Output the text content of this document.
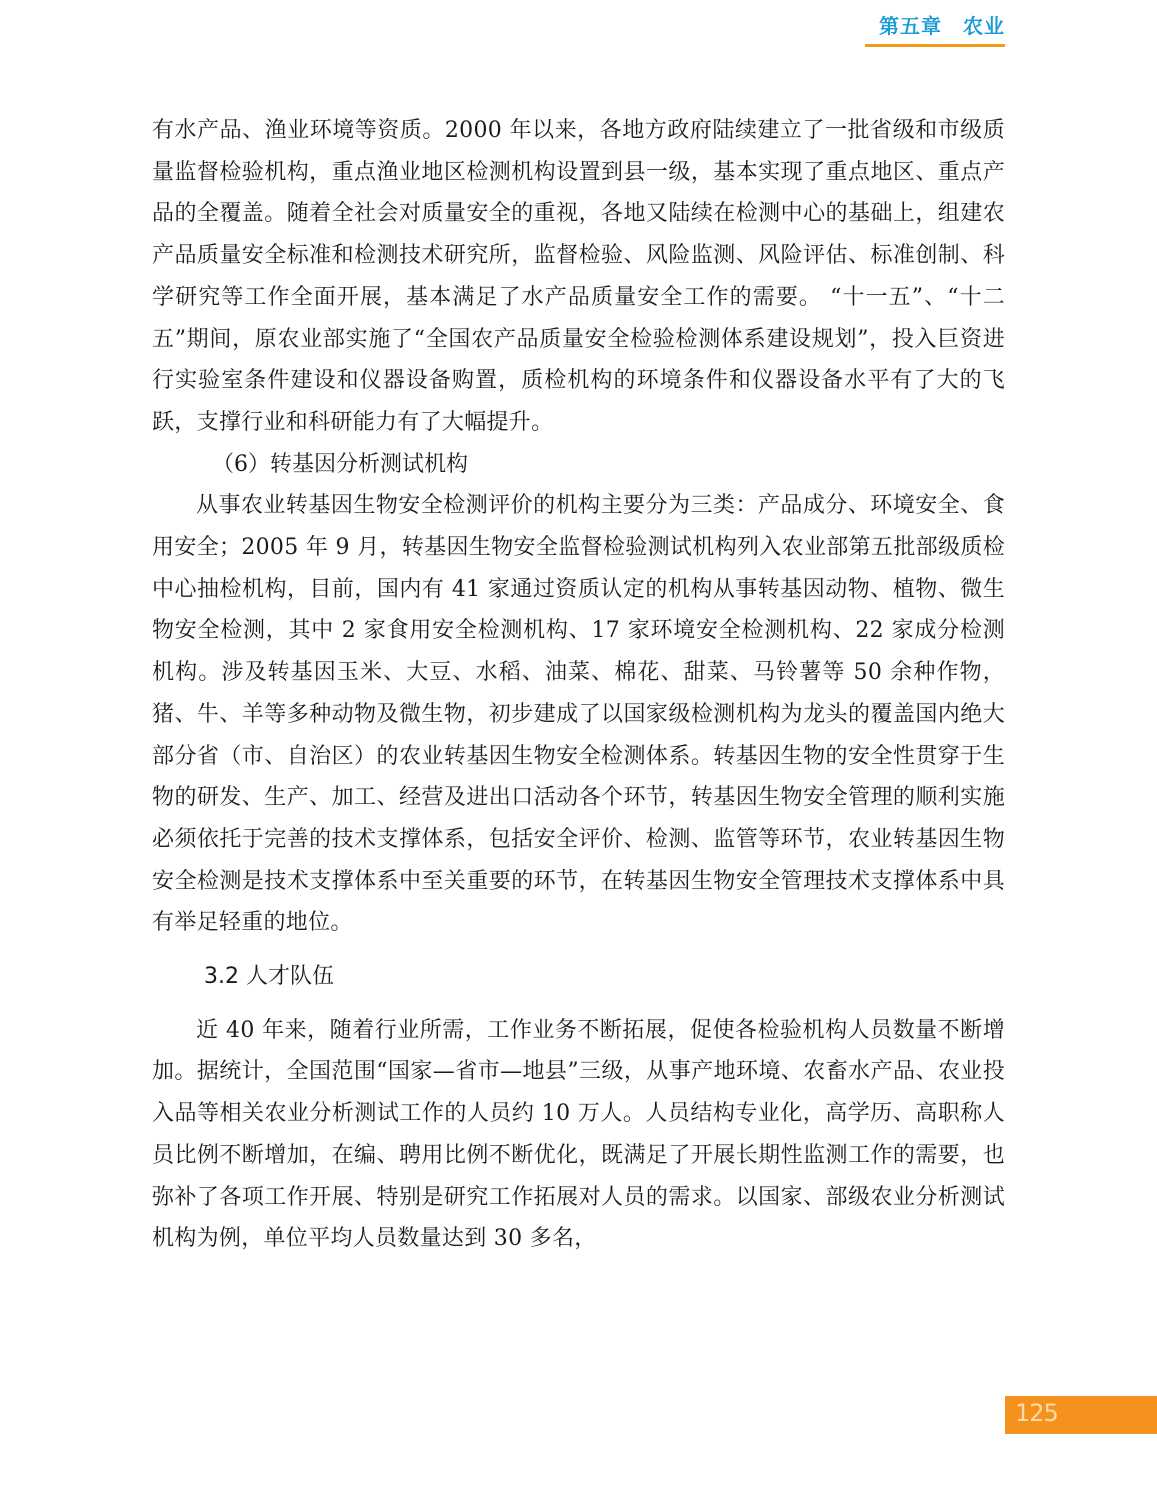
第五章　农业

有水产品、渔业环境等资质。2000 年以来，各地方政府陆续建立了一批省级和市级质量监督检验机构，重点渔业地区检测机构设置到县一级，基本实现了重点地区、重点产品的全覆盖。随着全社会对质量安全的重视，各地又陆续在检测中心的基础上，组建农产品质量安全标准和检测技术研究所，监督检验、风险监测、风险评估、标准创制、科学研究等工作全面开展，基本满足了水产品质量安全工作的需要。 “十一五”、“十二五”期间，原农业部实施了“全国农产品质量安全检验检测体系建设规划”，投入巨资进行实验室条件建设和仪器设备购置，质检机构的环境条件和仪器设备水平有了大的飞跃，支撑行业和科研能力有了大幅提升。

（6）转基因分析测试机构

从事农业转基因生物安全检测评价的机构主要分为三类：产品成分、环境安全、食用安全；2005 年 9 月，转基因生物安全监督检验测试机构列入农业部第五批部级质检中心抽检机构，目前，国内有 41 家通过资质认定的机构从事转基因动物、植物、微生物安全检测，其中 2 家食用安全检测机构、17 家环境安全检测机构、22 家成分检测机构。涉及转基因玉米、大豆、水稻、油菜、棉花、甜菜、马铃薯等 50 余种作物，猪、牛、羊等多种动物及微生物，初步建成了以国家级检测机构为龙头的覆盖国内绝大部分省（市、自治区）的农业转基因生物安全检测体系。转基因生物的安全性贯穿于生物的研发、生产、加工、经营及进出口活动各个环节，转基因生物安全管理的顺利实施必须依托于完善的技术支撑体系，包括安全评价、检测、监管等环节，农业转基因生物安全检测是技术支撑体系中至关重要的环节，在转基因生物安全管理技术支撑体系中具有举足轻重的地位。

3.2 人才队伍

近 40 年来，随着行业所需，工作业务不断拓展，促使各检验机构人员数量不断增加。据统计，全国范围“国家—省市—地县”三级，从事产地环境、农畜水产品、农业投入品等相关农业分析测试工作的人员约 10 万人。人员结构专业化，高学历、高职称人员比例不断增加，在编、聘用比例不断优化，既满足了开展长期性监测工作的需要，也弥补了各项工作开展、特别是研究工作拓展对人员的需求。以国家、部级农业分析测试机构为例，单位平均人员数量达到 30 多名，

125
